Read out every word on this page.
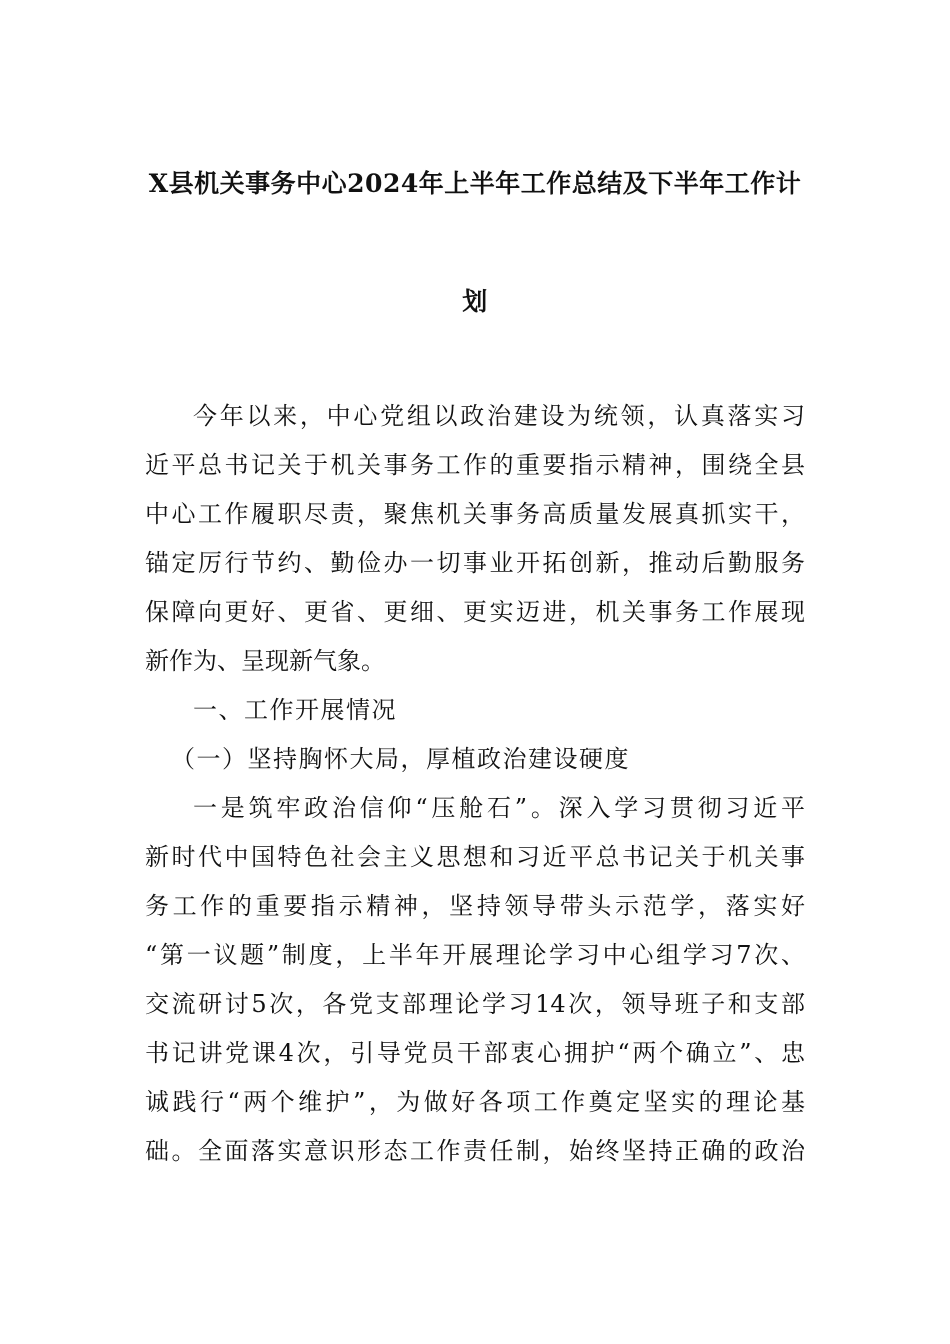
X县机关事务中心2024年上半年工作总结及下半年工作计
划
今年以来，中心党组以政治建设为统领，认真落实习
近平总书记关于机关事务工作的重要指示精神，围绕全县
中心工作履职尽责，聚焦机关事务高质量发展真抓实干，
锚定厉行节约、勤俭办一切事业开拓创新，推动后勤服务
保障向更好、更省、更细、更实迈进，机关事务工作展现
新作为、呈现新气象。

一、工作开展情况

（一）坚持胸怀大局，厚植政治建设硬度

一是筑牢政治信仰“压舱石”。深入学习贯彻习近平
新时代中国特色社会主义思想和习近平总书记关于机关事
务工作的重要指示精神，坚持领导带头示范学，落实好
“第一议题”制度，上半年开展理论学习中心组学习7次、
交流研讨5次，各党支部理论学习14次，领导班子和支部
书记讲党课4次，引导党员干部衷心拥护“两个确立”、忠
诚践行“两个维护”，为做好各项工作奠定坚实的理论基
础。全面落实意识形态工作责任制，始终坚持正确的政治
